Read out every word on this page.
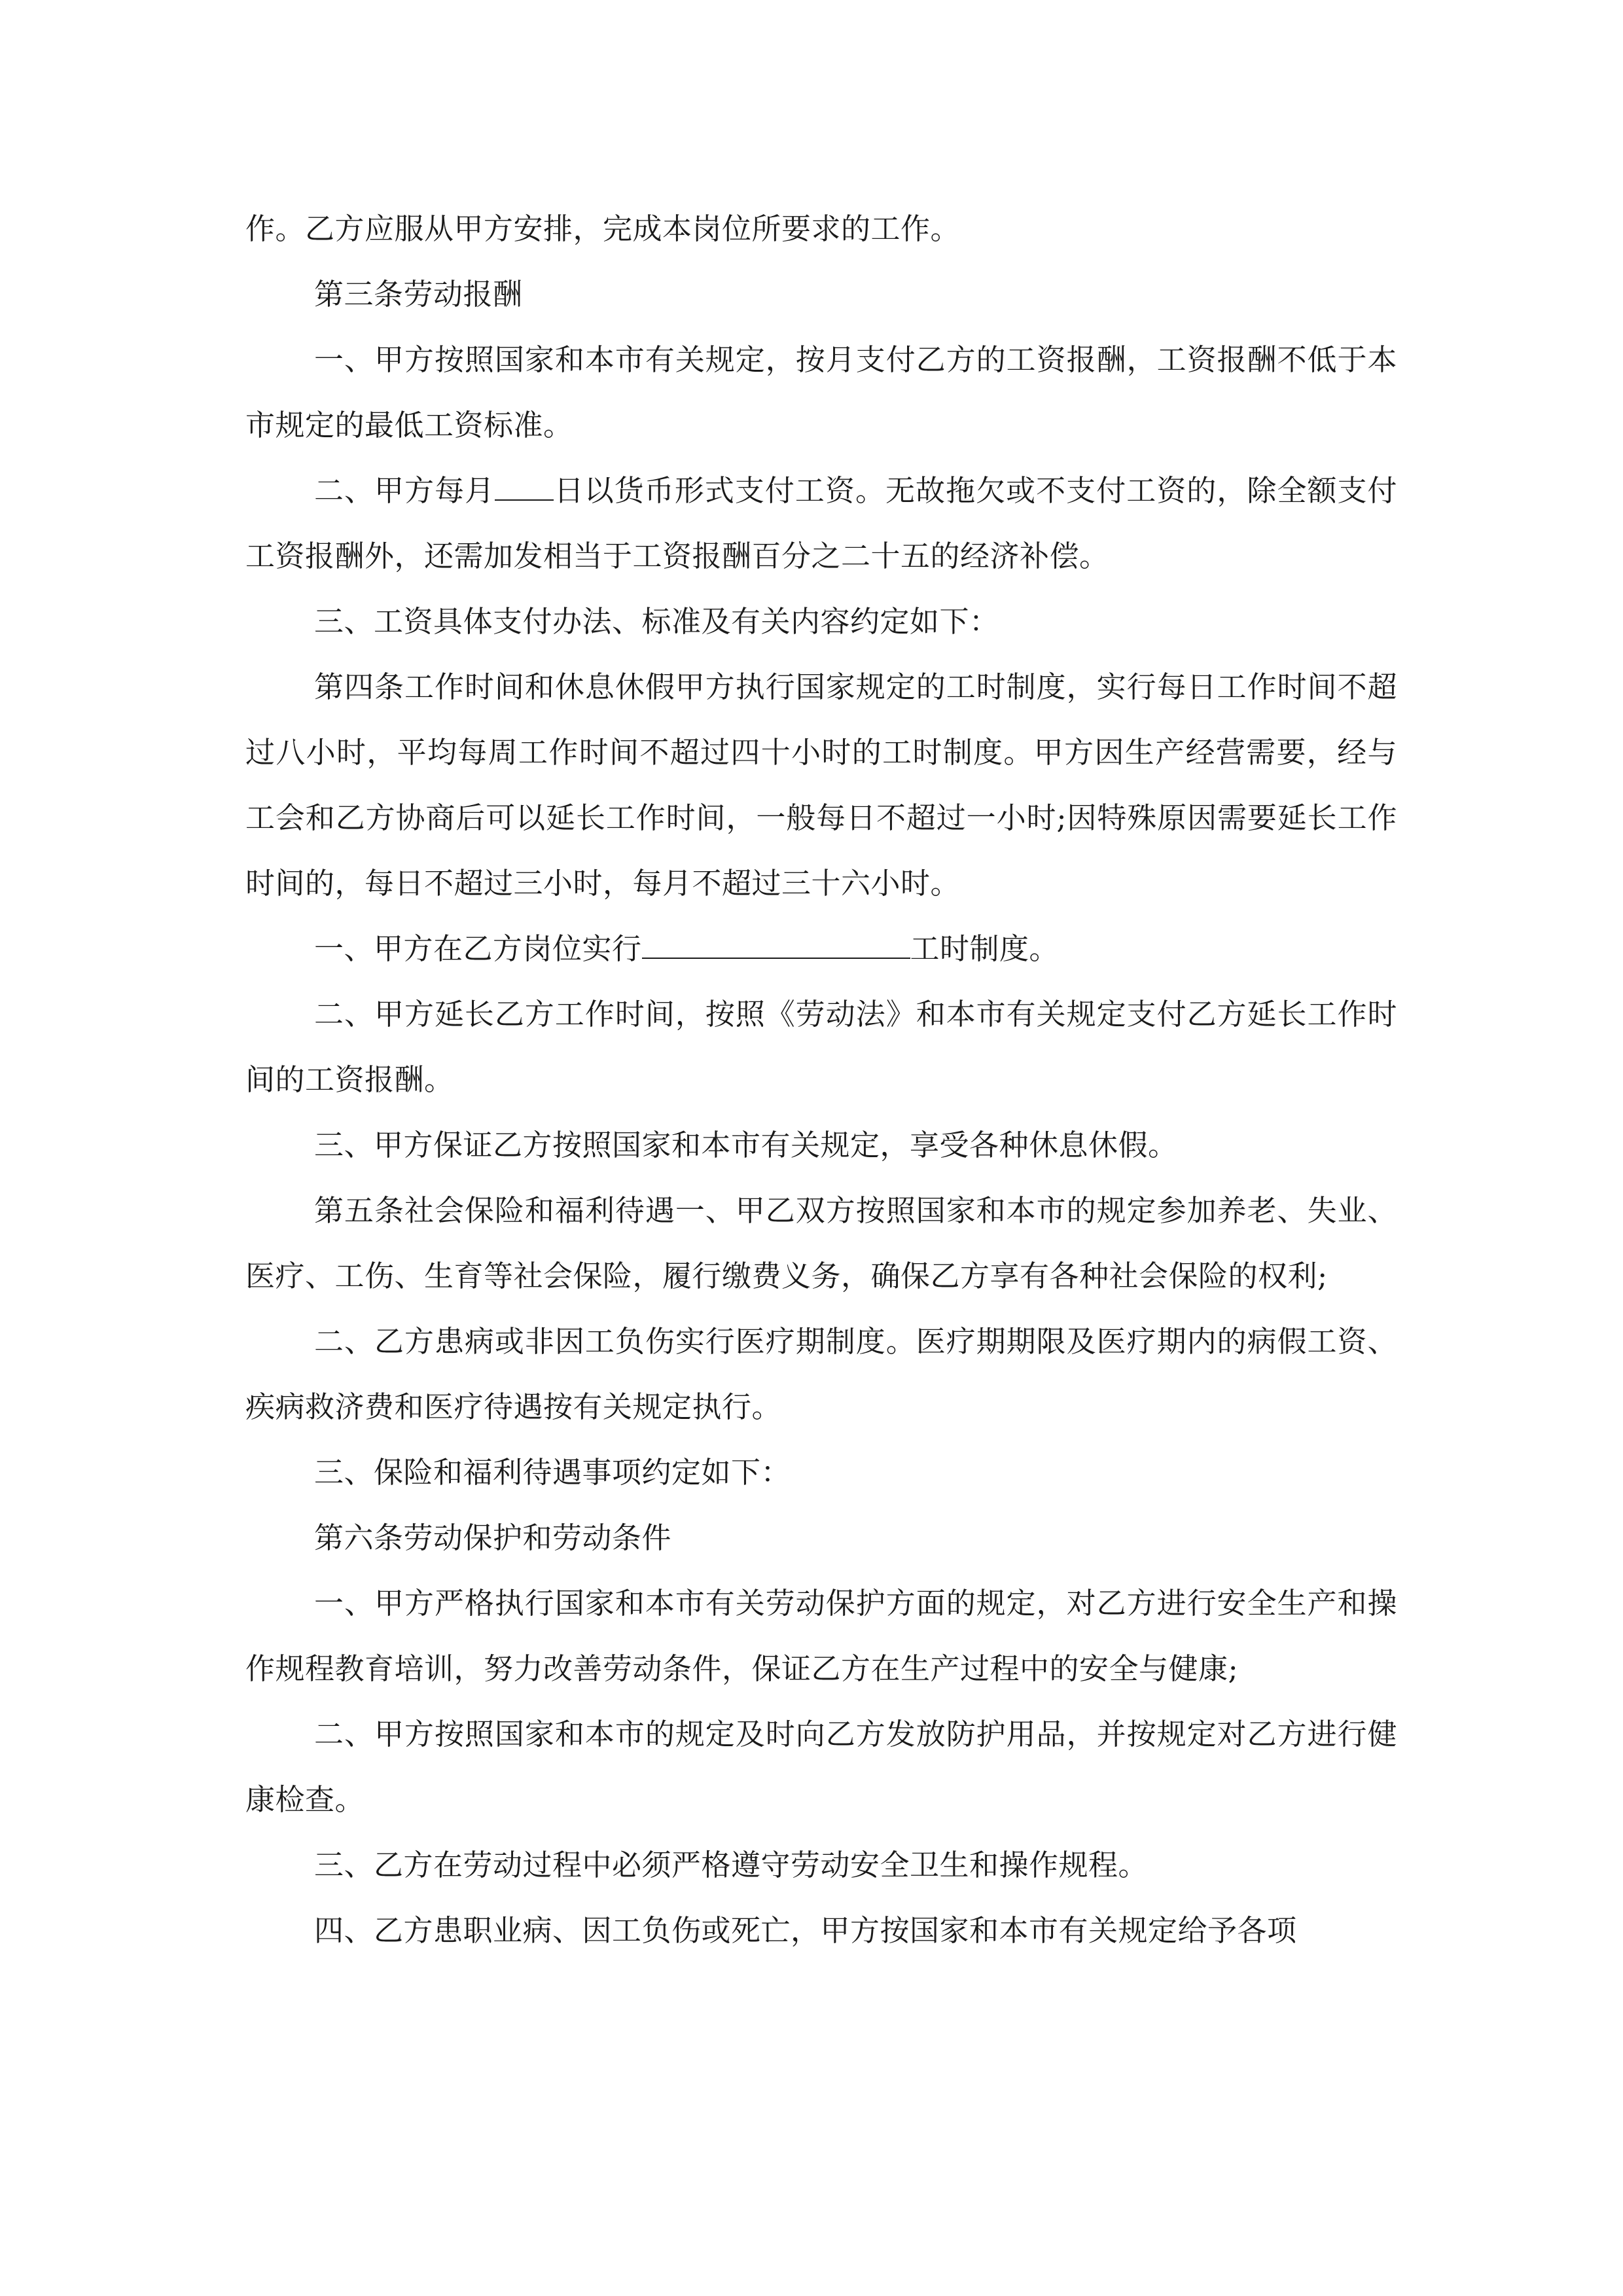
作。乙方应服从甲方安排，完成本岗位所要求的工作。

第三条劳动报酬

一、甲方按照国家和本市有关规定，按月支付乙方的工资报酬，工资报酬不低于本市规定的最低工资标准。

二、甲方每月 日以货币形式支付工资。无故拖欠或不支付工资的，除全额支付工资报酬外，还需加发相当于工资报酬百分之二十五的经济补偿。

三、工资具体支付办法、标准及有关内容约定如下：

第四条工作时间和休息休假甲方执行国家规定的工时制度，实行每日工作时间不超过八小时，平均每周工作时间不超过四十小时的工时制度。甲方因生产经营需要，经与工会和乙方协商后可以延长工作时间，一般每日不超过一小时;因特殊原因需要延长工作时间的，每日不超过三小时，每月不超过三十六小时。

一、甲方在乙方岗位实行	工时制度。

二、甲方延长乙方工作时间，按照《劳动法》和本市有关规定支付乙方延长工作时间的工资报酬。

三、甲方保证乙方按照国家和本市有关规定，享受各种休息休假。

第五条社会保险和福利待遇一、甲乙双方按照国家和本市的规定参加养老、失业、医疗、工伤、生育等社会保险，履行缴费义务，确保乙方享有各种社会保险的权利;

二、乙方患病或非因工负伤实行医疗期制度。医疗期期限及医疗期内的病假工资、疾病救济费和医疗待遇按有关规定执行。

三、保险和福利待遇事项约定如下：

第六条劳动保护和劳动条件

一、甲方严格执行国家和本市有关劳动保护方面的规定，对乙方进行安全生产和操作规程教育培训，努力改善劳动条件，保证乙方在生产过程中的安全与健康;

二、甲方按照国家和本市的规定及时向乙方发放防护用品，并按规定对乙方进行健康检查。

三、乙方在劳动过程中必须严格遵守劳动安全卫生和操作规程。

四、乙方患职业病、因工负伤或死亡，甲方按国家和本市有关规定给予各项
